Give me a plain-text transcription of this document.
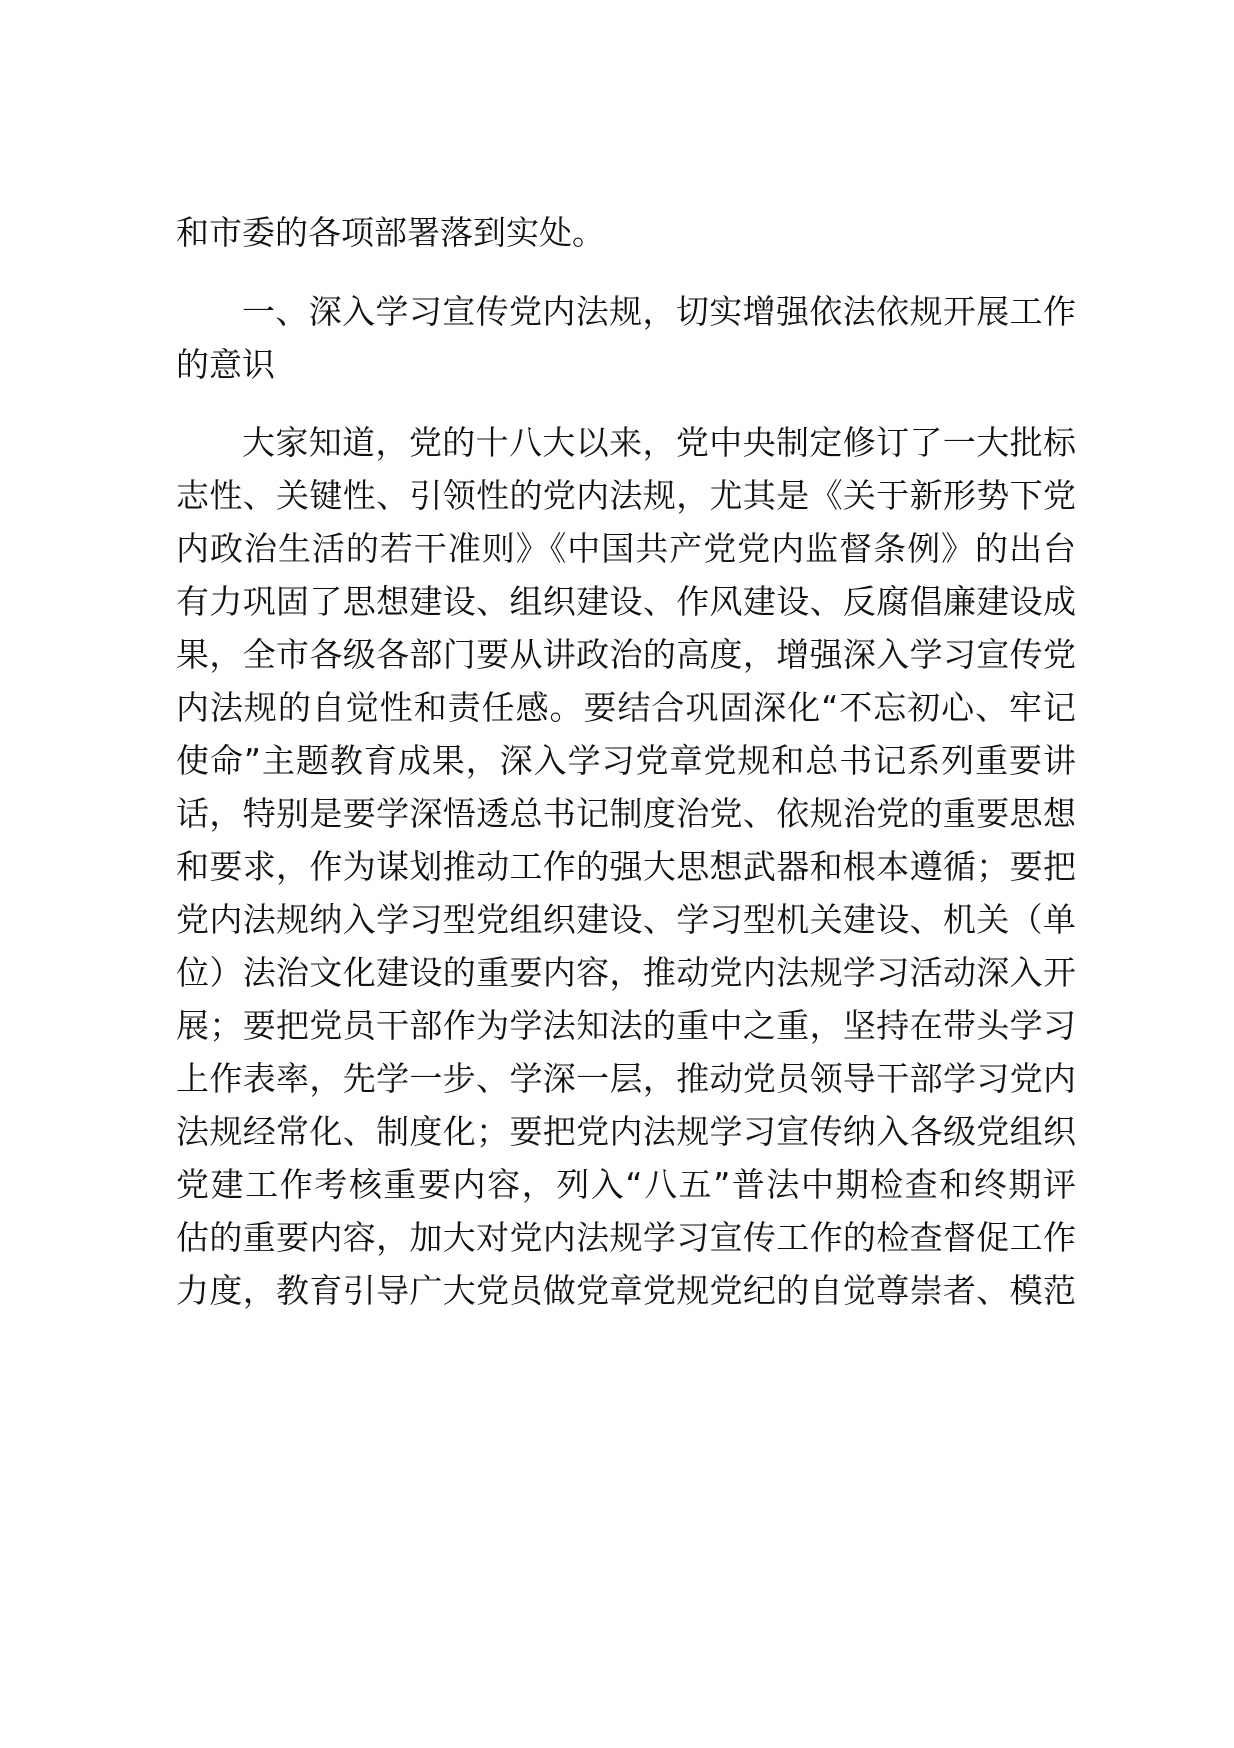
和市委的各项部署落到实处。
一、深入学习宣传党内法规，切实增强依法依规开展工作
的意识
大家知道，党的十八大以来，党中央制定修订了一大批标
志性、关键性、引领性的党内法规，尤其是《关于新形势下党
内政治生活的若干准则》《中国共产党党内监督条例》的出台
有力巩固了思想建设、组织建设、作风建设、反腐倡廉建设成
果，全市各级各部门要从讲政治的高度，增强深入学习宣传党
内法规的自觉性和责任感。要结合巩固深化“不忘初心、牢记
使命”主题教育成果，深入学习党章党规和总书记系列重要讲
话，特别是要学深悟透总书记制度治党、依规治党的重要思想
和要求，作为谋划推动工作的强大思想武器和根本遵循；要把
党内法规纳入学习型党组织建设、学习型机关建设、机关（单
位）法治文化建设的重要内容，推动党内法规学习活动深入开
展；要把党员干部作为学法知法的重中之重，坚持在带头学习
上作表率，先学一步、学深一层，推动党员领导干部学习党内
法规经常化、制度化；要把党内法规学习宣传纳入各级党组织
党建工作考核重要内容，列入“八五”普法中期检查和终期评
估的重要内容，加大对党内法规学习宣传工作的检查督促工作
力度，教育引导广大党员做党章党规党纪的自觉尊崇者、模范
